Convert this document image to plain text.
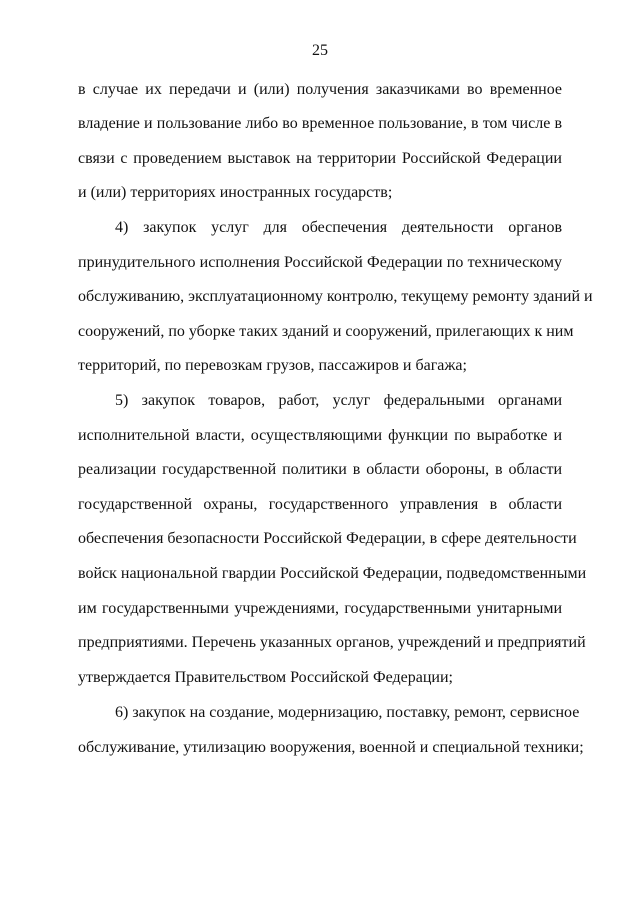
25
в случае их передачи и (или) получения заказчиками во временное
владение и пользование либо во временное пользование, в том числе в
связи с проведением выставок на территории Российской Федерации
и (или) территориях иностранных государств;
4) закупок услуг для обеспечения деятельности органов
принудительного исполнения Российской Федерации по техническому
обслуживанию, эксплуатационному контролю, текущему ремонту зданий и
сооружений, по уборке таких зданий и сооружений, прилегающих к ним
территорий, по перевозкам грузов, пассажиров и багажа;
5) закупок товаров, работ, услуг федеральными органами
исполнительной власти, осуществляющими функции по выработке и
реализации государственной политики в области обороны, в области
государственной охраны, государственного управления в области
обеспечения безопасности Российской Федерации, в сфере деятельности
войск национальной гвардии Российской Федерации, подведомственными
им государственными учреждениями, государственными унитарными
предприятиями. Перечень указанных органов, учреждений и предприятий
утверждается Правительством Российской Федерации;
6) закупок на создание, модернизацию, поставку, ремонт, сервисное
обслуживание, утилизацию вооружения, военной и специальной техники;
